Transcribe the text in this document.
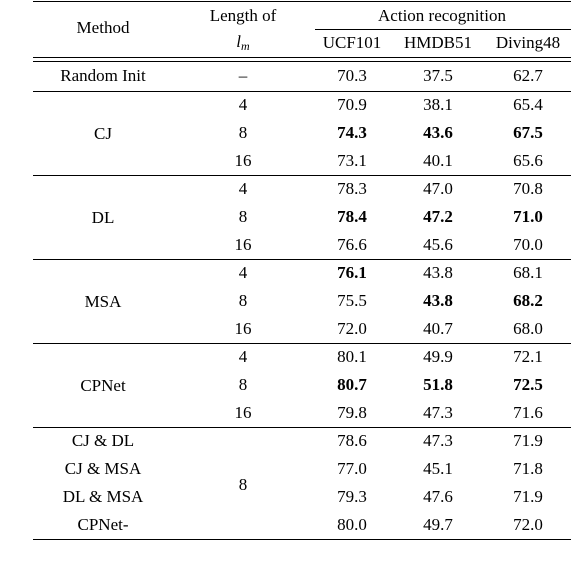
Method
Length of
$l_m$
Action recognition
UCF101 HMDB51 Diving48
Random Init	–	70.3	37.5	62.7
CJ
4	70.9	38.1	65.4
8	74.3	43.6	67.5
16	73.1	40.1	65.6
DL
4	78.3	47.0	70.8
8	78.4	47.2	71.0
16	76.6	45.6	70.0
MSA
4	76.1	43.8	68.1
8	75.5	43.8	68.2
16	72.0	40.7	68.0
CPNet
4	80.1	49.9	72.1
8	80.7	51.8	72.5
16	79.8	47.3	71.6
8
CJ & DL	78.6	47.3	71.9
CJ & MSA	77.0	45.1	71.8
DL & MSA	79.3	47.6	71.9
CPNet-	80.0	49.7	72.0
